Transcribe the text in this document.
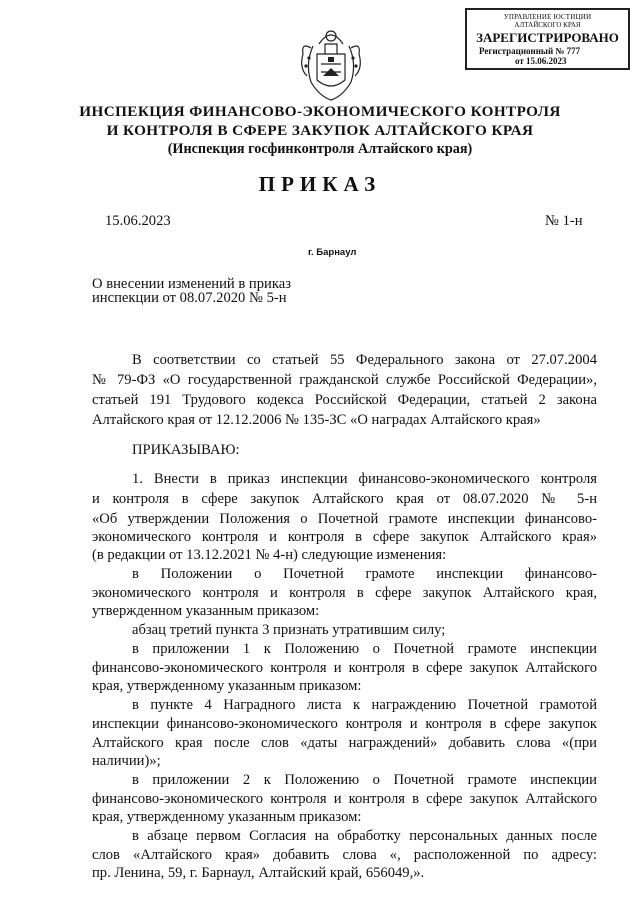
УПРАВЛЕНИЕ ЮСТИЦИИ
АЛТАЙСКОГО КРАЯ
ЗАРЕГИСТРИРОВАНО
Регистрационный № 777
от 15.06.2023
ИНСПЕКЦИЯ ФИНАНСОВО-ЭКОНОМИЧЕСКОГО КОНТРОЛЯ
И КОНТРОЛЯ В СФЕРЕ ЗАКУПОК АЛТАЙСКОГО КРАЯ
(Инспекция госфинконтроля Алтайского края)
ПРИКАЗ
15.06.2023	№ 1-н
г. Барнаул
О внесении изменений в приказ
инспекции от 08.07.2020 № 5-н
В соответствии со статьей 55 Федерального закона от 27.07.2004
№ 79-ФЗ «О государственной гражданской службе Российской Федерации»,
статьей 191 Трудового кодекса Российской Федерации, статьей 2 закона
Алтайского края от 12.12.2006 № 135-ЗС «О наградах Алтайского края»
ПРИКАЗЫВАЮ:
1. Внести в приказ инспекции финансово-экономического контроля
и контроля в сфере закупок Алтайского края от 08.07.2020 № 5-н
«Об утверждении Положения о Почетной грамоте инспекции финансово-
экономического контроля и контроля в сфере закупок Алтайского края»
(в редакции от 13.12.2021 № 4-н) следующие изменения:
в Положении о Почетной грамоте инспекции финансово-
экономического контроля и контроля в сфере закупок Алтайского края,
утвержденном указанным приказом:
абзац третий пункта 3 признать утратившим силу;
в приложении 1 к Положению о Почетной грамоте инспекции
финансово-экономического контроля и контроля в сфере закупок Алтайского
края, утвержденному указанным приказом:
в пункте 4 Наградного листа к награждению Почетной грамотой
инспекции финансово-экономического контроля и контроля в сфере закупок
Алтайского края после слов «даты награждений» добавить слова «(при
наличии)»;
в приложении 2 к Положению о Почетной грамоте инспекции
финансово-экономического контроля и контроля в сфере закупок Алтайского
края, утвержденному указанным приказом:
в абзаце первом Согласия на обработку персональных данных после
слов «Алтайского края» добавить слова «, расположенной по адресу:
пр. Ленина, 59, г. Барнаул, Алтайский край, 656049,».
